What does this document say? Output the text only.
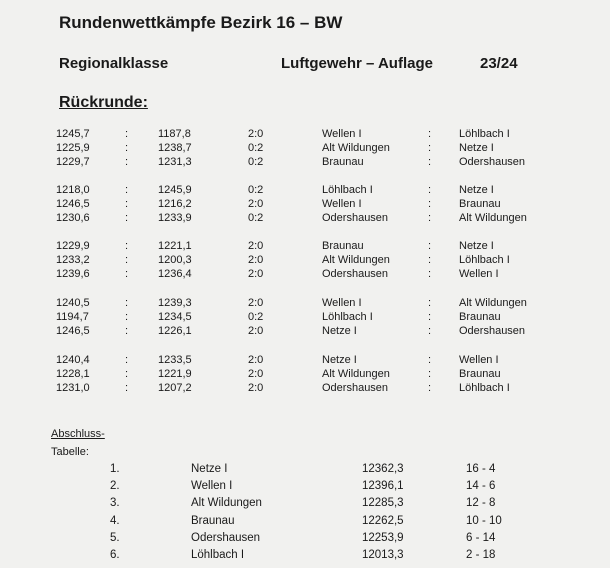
Rundenwettkämpfe Bezirk 16 – BW
Regionalklasse	Luftgewehr – Auflage	23/24
Rückrunde:
1245,7	:	1187,8	2:0	Wellen I	:	Löhlbach I
1225,9	:	1238,7	0:2	Alt Wildungen	:	Netze I
1229,7	:	1231,3	0:2	Braunau	:	Odershausen
1218,0	:	1245,9	0:2	Löhlbach I	:	Netze I
1246,5	:	1216,2	2:0	Wellen I	:	Braunau
1230,6	:	1233,9	0:2	Odershausen	:	Alt Wildungen
1229,9	:	1221,1	2:0	Braunau	:	Netze I
1233,2	:	1200,3	2:0	Alt Wildungen	:	Löhlbach I
1239,6	:	1236,4	2:0	Odershausen	:	Wellen I
1240,5	:	1239,3	2:0	Wellen I	:	Alt Wildungen
1194,7	:	1234,5	0:2	Löhlbach I	:	Braunau
1246,5	:	1226,1	2:0	Netze I	:	Odershausen
1240,4	:	1233,5	2:0	Netze I	:	Wellen I
1228,1	:	1221,9	2:0	Alt Wildungen	:	Braunau
1231,0	:	1207,2	2:0	Odershausen	:	Löhlbach I
Abschluss-
Tabelle:
1.	Netze I	12362,3	16 - 4
2.	Wellen I	12396,1	14 - 6
3.	Alt Wildungen	12285,3	12 - 8
4.	Braunau	12262,5	10 - 10
5.	Odershausen	12253,9	6 - 14
6.	Löhlbach I	12013,3	2 - 18
